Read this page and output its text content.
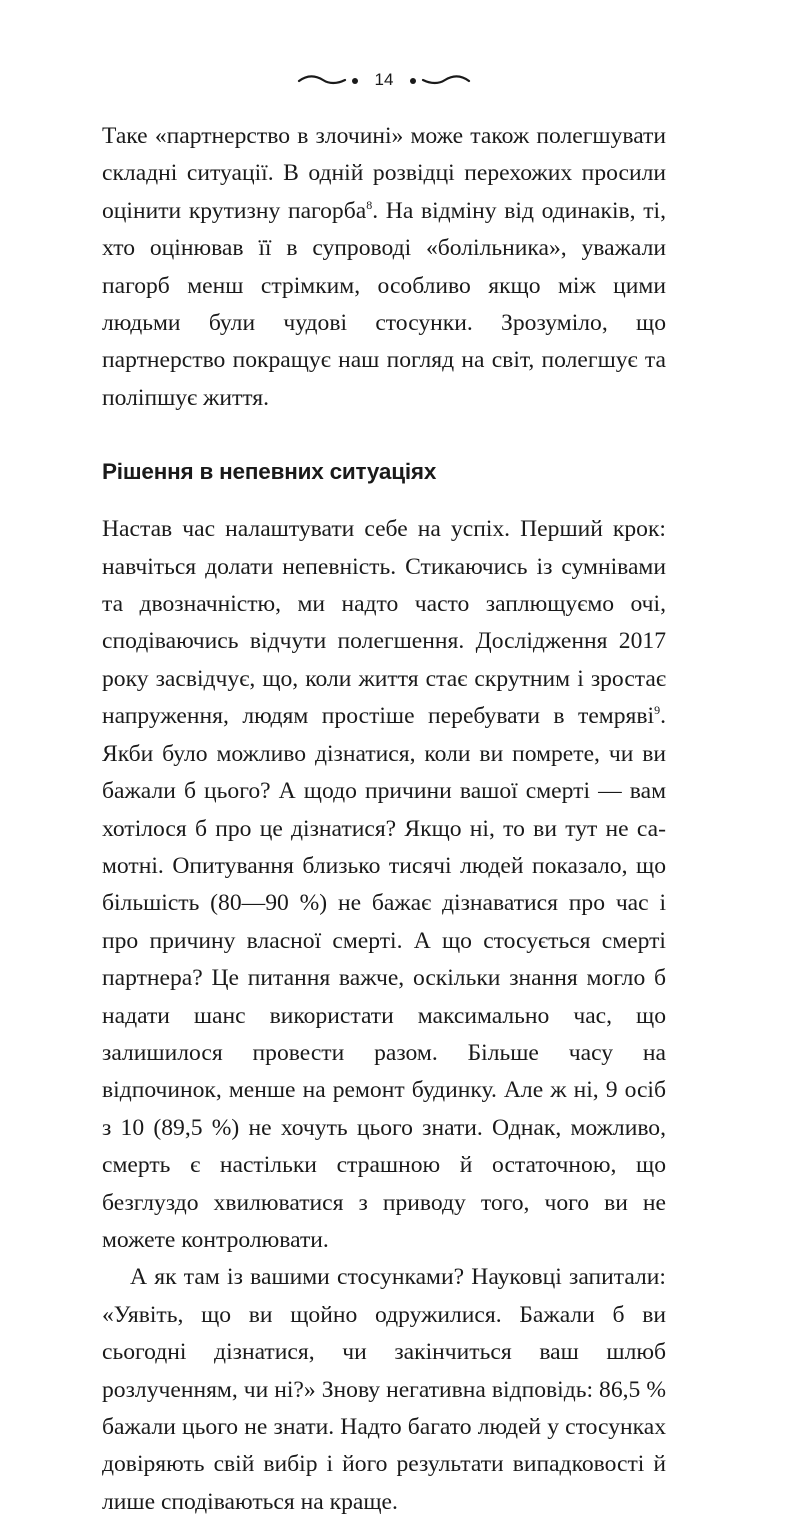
14

Таке «партнерство в злочині» може також полегшувати складні ситуації. В одній розвідці перехожих просили оцінити крутизну пагорба$^8$. На відміну від одинаків, ті, хто оцінював її в супроводі «болільника», уважали пагорб менш стрімким, особливо якщо між цими людьми були чудові стосунки. Зрозуміло, що партнерство покращує наш погляд на світ, полегшує та поліпшує життя.

Рішення в непевних ситуаціях

Настав час налаштувати себе на успіх. Перший крок: навчіться долати непевність. Стикаючись із сумнівами та двозначністю, ми надто часто заплющуємо очі, сподіваючись відчути полегшення. Дослідження 2017 року засвідчує, що, коли життя стає скрутним і зростає напруження, людям простіше перебувати в темряві$^9$. Якби було можливо дізнатися, коли ви помрете, чи ви бажали б цього? А щодо причини вашої смерті — вам хотілося б про це дізнатися? Якщо ні, то ви тут не самотні. Опитування близько тисячі людей показало, що більшість (80—90 %) не бажає дізнаватися про час і про причину власної смерті. А що стосується смерті партнера? Це питання важче, оскільки знання могло б надати шанс використати максимально час, що залишилося провести разом. Більше часу на відпочинок, менше на ремонт будинку. Але ж ні, 9 осіб з 10 (89,5 %) не хочуть цього знати. Однак, можливо, смерть є настільки страшною й остаточною, що безглуздо хвилюватися з приводу того, чого ви не можете контролювати.

А як там із вашими стосунками? Науковці запитали: «Уявіть, що ви щойно одружилися. Бажали б ви сьогодні дізнатися, чи закінчиться ваш шлюб розлученням, чи ні?» Знову негативна відповідь: 86,5 % бажали цього не знати. Надто багато людей у стосунках довіряють свій вибір і його результати випадковості й лише сподіваються на краще.
